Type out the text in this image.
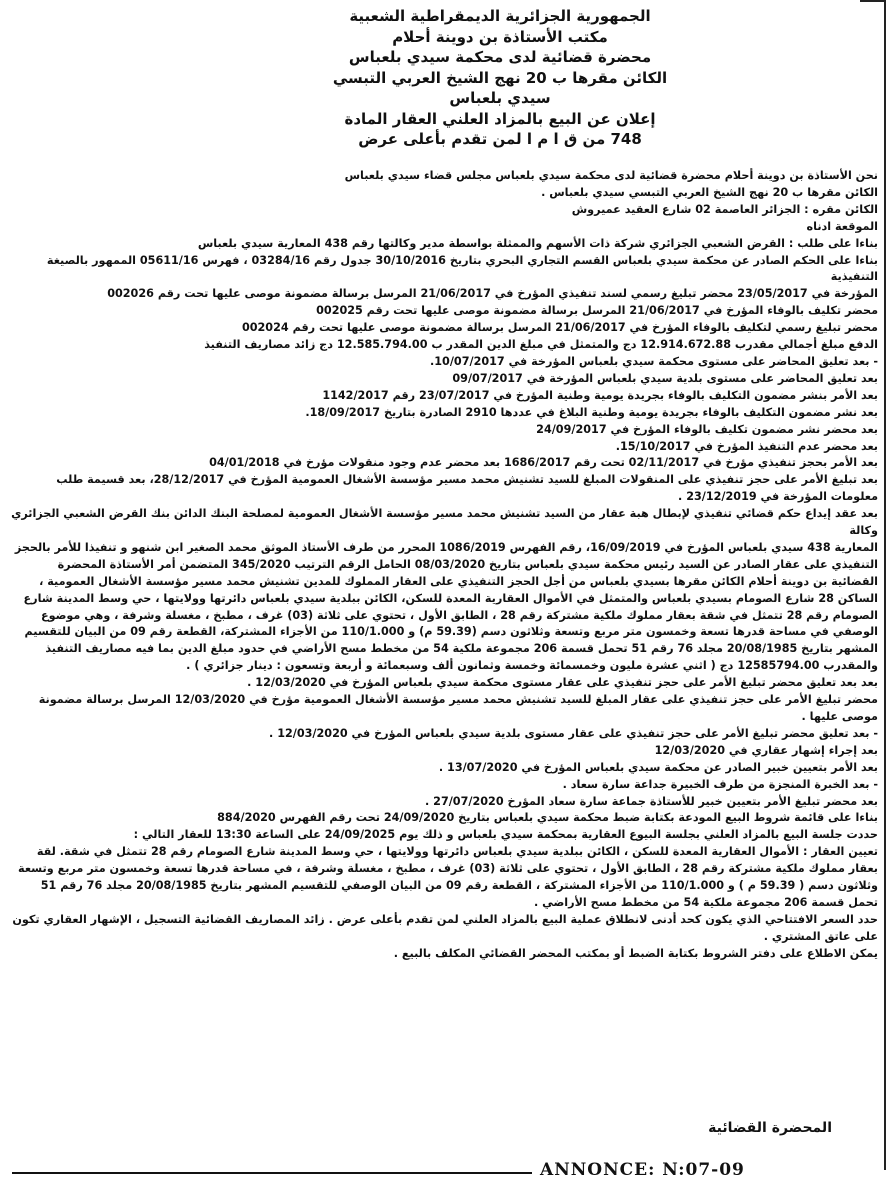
الجمهورية الجزائرية الديمقراطية الشعبية
مكتب الأستاذة بن دوينة أحلام
محضرة قضائية لدى محكمة سيدي بلعباس
الكائن مقرها ب 20 نهج الشيخ العربي التبسي
سيدي بلعباس
إعلان عن البيع بالمزاد العلني العقار المادة
748 من ق ا م ا لمن تقدم بأعلى عرض

نحن الأستاذة بن دوينة أحلام محضرة قضائية لدى محكمة سيدي بلعباس مجلس قضاء سيدي بلعباس

الكائن مقرها ب 20 نهج الشيخ العربي التبسي سيدي بلعباس .

الكائن مقره : الجزائر العاصمة 02 شارع العقيد عميروش

الموقعة ادناه

بناءا على طلب : القرض الشعبي الجزائري شركة ذات الأسهم والممثلة بواسطة مدير وكالتها رقم 438 المعارية سيدي بلعباس

بناءا على الحكم الصادر عن محكمة سيدي بلعباس القسم التجاري البحري بتاريخ 30/10/2016 جدول رقم 03284/16 ، فهرس 05611/16 الممهور بالصيغة التنفيذية

المؤرخة في 23/05/2017 محضر تبليغ رسمي لسند تنفيذي المؤرخ في 21/06/2017 المرسل برسالة مضمونة موصى عليها تحت رقم 002026

محضر تكليف بالوفاء المؤرخ في 21/06/2017 المرسل برسالة مضمونة موصى عليها تحت رقم 002025

محضر تبليغ رسمي لتكليف بالوفاء المؤرخ في 21/06/2017 المرسل برسالة مضمونة موصى عليها تحت رقم 002024

الدفع مبلغ أجمالي مقدرب 12.914.672.88 دج والمتمثل في مبلغ الدين المقدر ب 12.585.794.00 دج زائد مصاريف التنفيذ

- بعد تعليق المحاضر على مستوى محكمة سيدي بلعباس المؤرخة في 10/07/2017.

بعد تعليق المحاضر على مستوى بلدية سيدي بلعباس المؤرخة في 09/07/2017

بعد الأمر بنشر مضمون التكليف بالوفاء بجريدة يومية وطنية المؤرخ في 23/07/2017 رقم 1142/2017

بعد نشر مضمون التكليف بالوفاء بجريدة يومية وطنية البلاغ في عددها 2910 الصادرة بتاريخ 18/09/2017.

بعد محضر نشر مضمون تكليف بالوفاء المؤرخ في 24/09/2017

بعد محضر عدم التنفيذ المؤرخ في 15/10/2017.

بعد الأمر بحجز تنفيذي مؤرخ في 02/11/2017 تحت رقم 1686/2017 بعد محضر عدم وجود منقولات مؤرخ في 04/01/2018

بعد تبليغ الأمر على حجز تنفيذي على المنقولات المبلغ للسيد تشنيش محمد مسير مؤسسة الأشغال العمومية المؤرخ في 28/12/2017، بعد قسيمة طلب معلومات المؤرخة في 23/12/2019 .

بعد عقد إيداع حكم قضائي تنفيذي لإبطال هبة عقار من السيد تشنيش محمد مسير مؤسسة الأشغال العمومية لمصلحة البنك الدائن بنك القرض الشعبي الجزائري وكالة

المعارية 438 سيدي بلعباس المؤرخ في 16/09/2019، رقم الفهرس 1086/2019 المحرر من طرف الأستاذ الموثق محمد الصغير ابن شنهو و تنفيذا للأمر بالحجز التنفيذي على عقار الصادر عن السيد رئيس محكمة سيدي بلعباس بتاريخ 08/03/2020 الحامل الرقم الترتيب 345/2020 المتضمن أمر الأستاذة المحضرة القضائية بن دوينة أحلام الكائن مقرها بسيدي بلعباس من أجل الحجز التنفيذي على العقار المملوك للمدين تشنيش محمد مسير مؤسسة الأشغال العمومية ، الساكن 28 شارع الصومام بسيدي بلعباس والمتمثل في الأموال العقارية المعدة للسكن، الكائن ببلدية سيدي بلعباس دائرتها وولايتها ، حي وسط المدينة شارع الصومام رقم 28 تتمثل في شقة بعقار مملوك ملكية مشتركة رقم 28 ، الطابق الأول ، تحتوي على ثلاثة (03) غرف ، مطبخ ، مغسلة وشرفة ، وهي موضوع الوصفي في مساحة قدرها تسعة وخمسون متر مربع وتسعة وثلاثون دسم (59.39 م) و 110/1.000 من الأجزاء المشتركة، القطعة رقم 09 من البيان للتقسيم المشهر بتاريخ 20/08/1985 مجلد 76 رقم 51 تحمل قسمة 206 مجموعة ملكية 54 من مخطط مسح الأراضي في حدود مبلغ الدين بما فيه مصاريف التنفيذ والمقدرب 12585794.00 دج ( اثني عشرة مليون وخمسمائة وخمسة وثمانون ألف وسبعمائة و أربعة وتسعون : دينار جزائري ) .

بعد بعد تعليق محضر تبليغ الأمر على حجز تنفيذي على عقار مستوى محكمة سيدي بلعباس المؤرخ في 12/03/2020 .

محضر تبليغ الأمر على حجز تنفيذي على عقار المبلغ للسيد تشنيش محمد مسير مؤسسة الأشغال العمومية مؤرخ في 12/03/2020 المرسل برسالة مضمونة موصى عليها .

- بعد تعليق محضر تبليغ الأمر على حجز تنفيذي على عقار مستوى بلدية سيدي بلعباس المؤرخ في 12/03/2020 .

بعد إجراء إشهار عقاري في 12/03/2020

بعد الأمر بتعيين خبير الصادر عن محكمة سيدي بلعباس المؤرخ في 13/07/2020 .

- بعد الخبرة المنجزة من طرف الخبيرة جداعة سارة سعاد .

بعد محضر تبليغ الأمر بتعيين خبير للأستاذة جماعة سارة سعاد المؤرخ 27/07/2020 .

بناءا على قائمة شروط البيع المودعة بكتابة ضبط محكمة سيدي بلعباس بتاريخ 24/09/2020 تحت رقم الفهرس 884/2020

حددت جلسة البيع بالمزاد العلني بجلسة البيوع العقارية بمحكمة سيدي بلعباس و ذلك يوم 24/09/2025 على الساعة 13:30 للعقار التالي :

تعيين العقار : الأموال العقارية المعدة للسكن ، الكائن ببلدية سيدي بلعباس دائرتها وولايتها ، حي وسط المدينة شارع الصومام رقم 28 تتمثل في شقة. لقة بعقار مملوك ملكية مشتركة رقم 28 ، الطابق الأول ، تحتوي على ثلاثة (03) غرف ، مطبخ ، مغسلة وشرفة ، في مساحة قدرها تسعة وخمسون متر مربع وتسعة وثلاثون دسم ( 59.39 م ) و 110/1.000 من الأجزاء المشتركة ، القطعة رقم 09 من البيان الوصفي للتقسيم المشهر بتاريخ 20/08/1985 مجلد 76 رقم 51 تحمل قسمة 206 مجموعة ملكية 54 من مخطط مسح الأراضي .

حدد السعر الافتتاحي الذي يكون كحد أدنى لانطلاق عملية البيع بالمزاد العلني لمن تقدم بأعلى عرض . زائد المصاريف القضائية التسجيل ، الإشهار العقاري تكون على عاتق المشتري .

يمكن الاطلاع على دفتر الشروط بكتابة الضبط أو بمكتب المحضر القضائي المكلف بالبيع .

المحضرة القضائية
ANNONCE: N:07-09
